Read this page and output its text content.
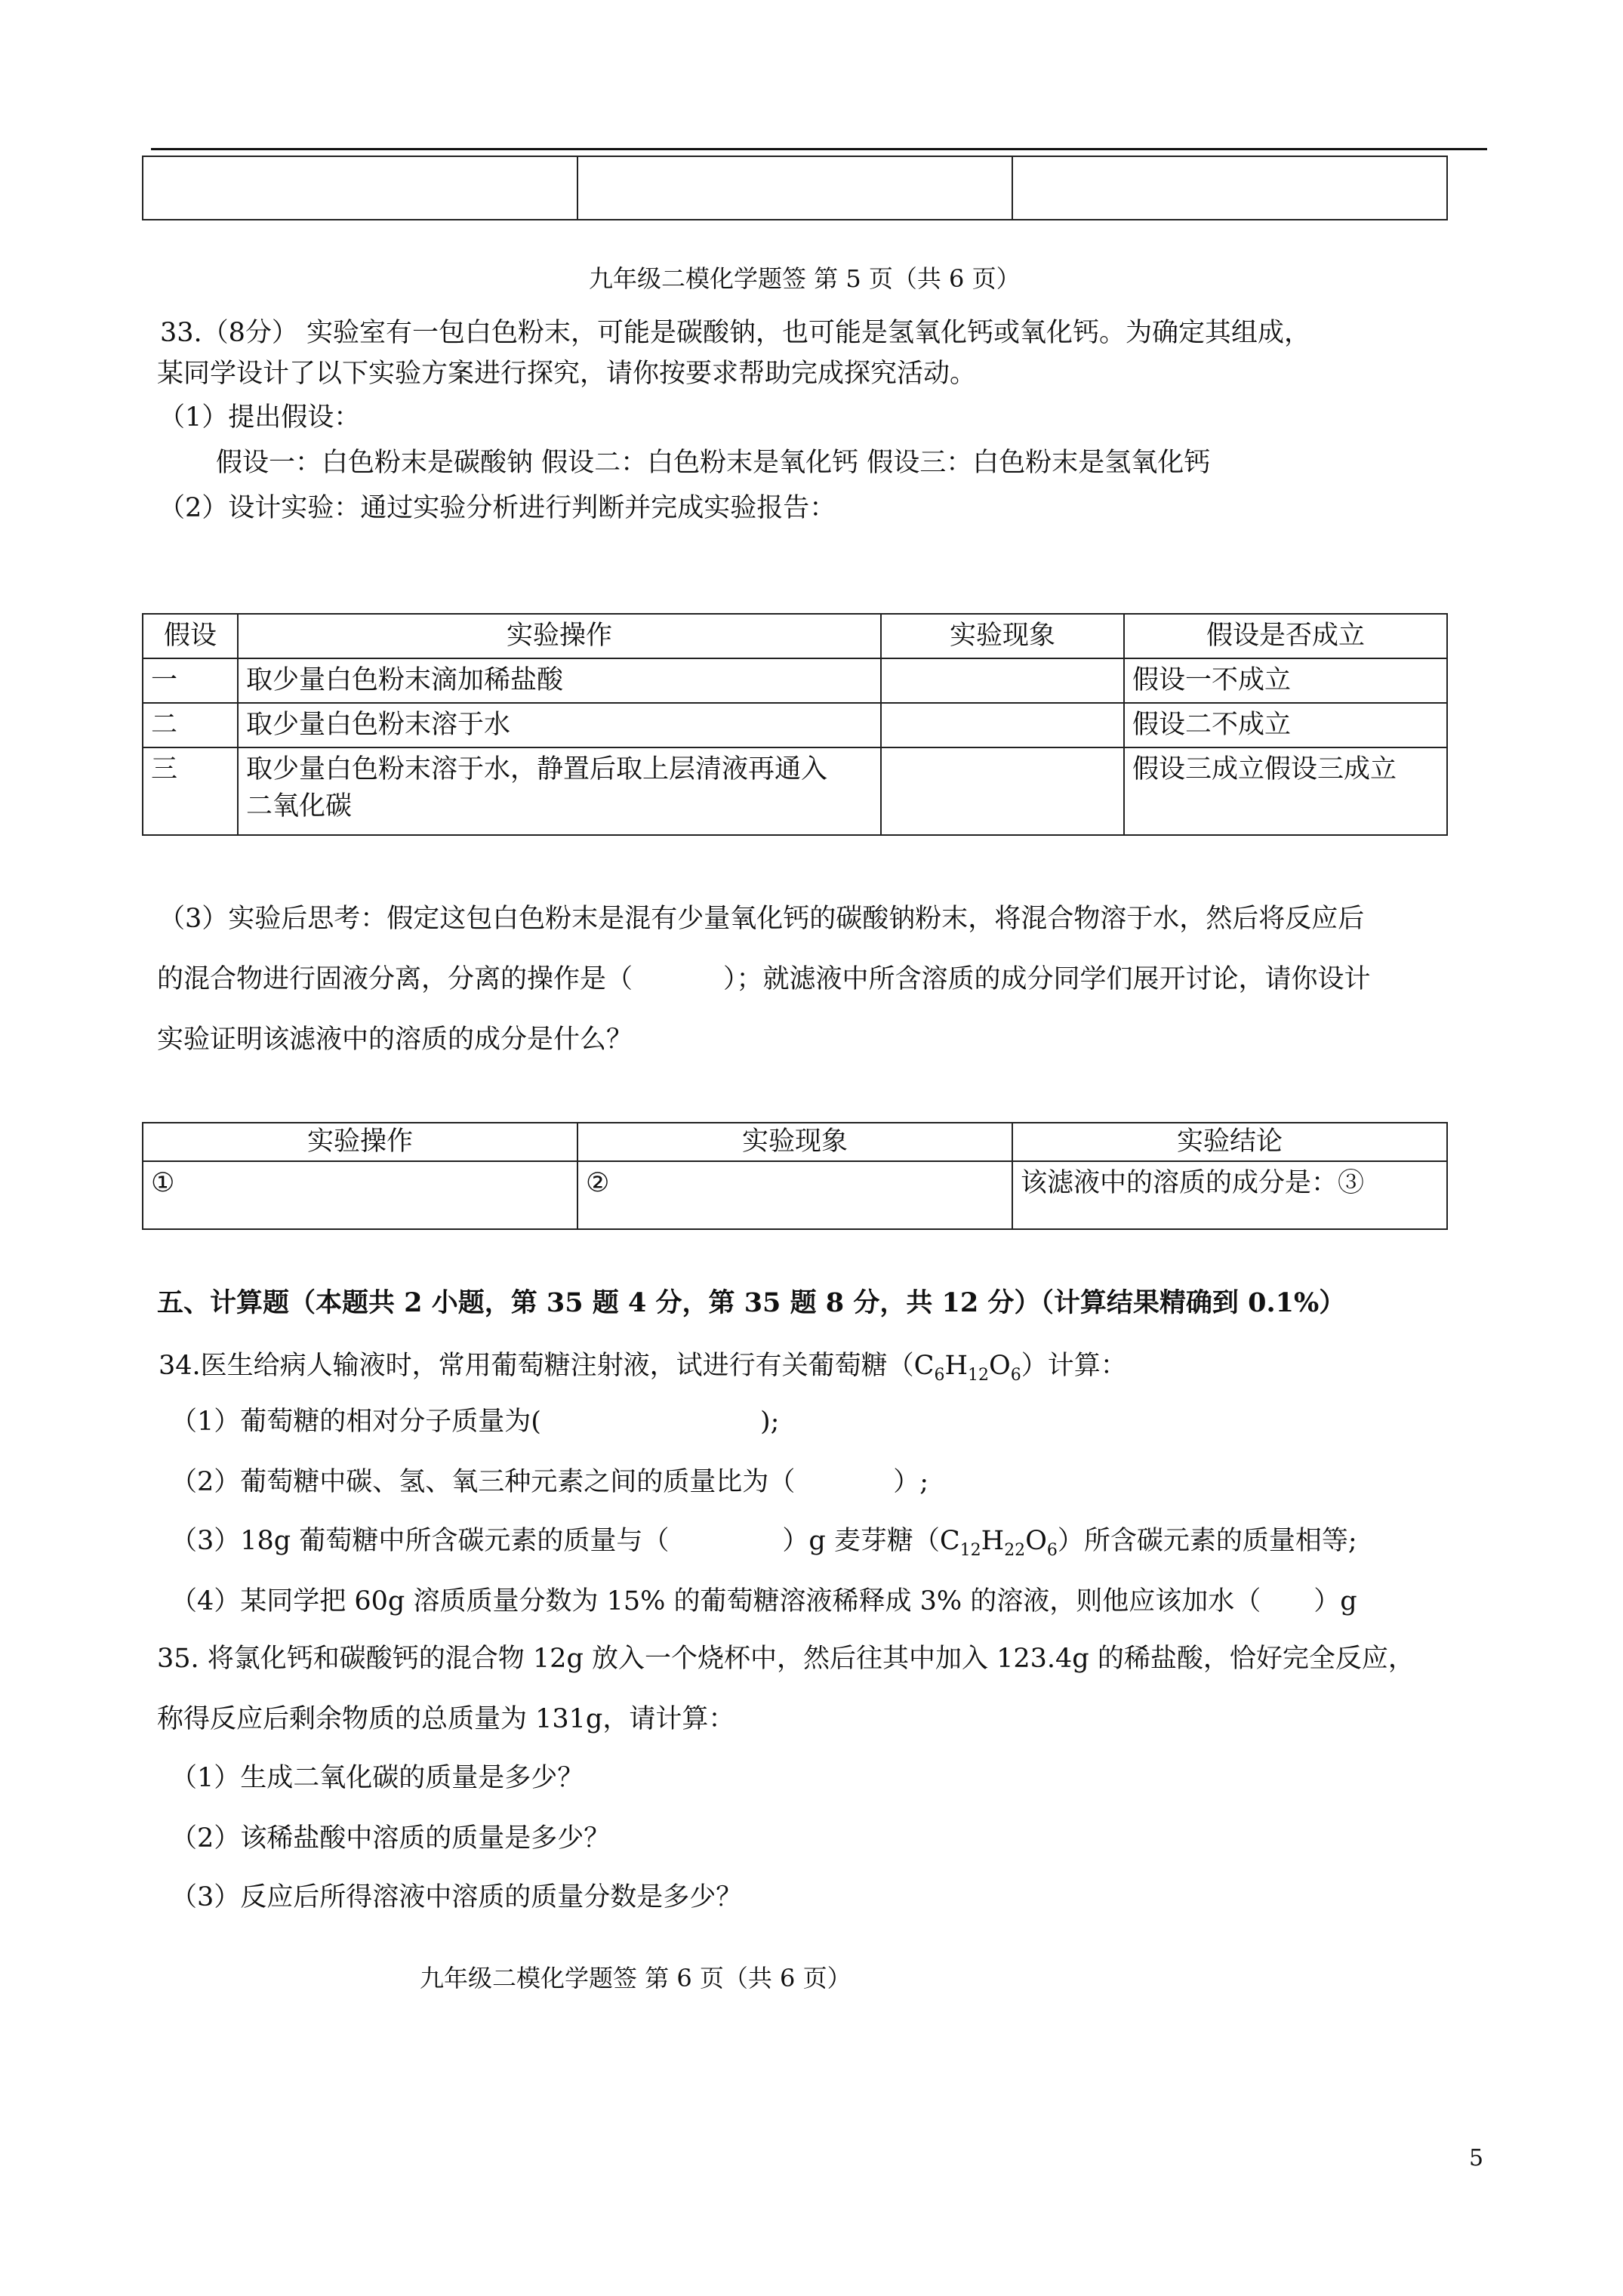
九年级二模化学题签 第 5 页（共 6 页）
33.（8分） 实验室有一包白色粉末，可能是碳酸钠，也可能是氢氧化钙或氧化钙。为确定其组成，
某同学设计了以下实验方案进行探究，请你按要求帮助完成探究活动。
（1）提出假设：
假设一：白色粉末是碳酸钠 假设二：白色粉末是氧化钙 假设三：白色粉末是氢氧化钙
（2）设计实验：通过实验分析进行判断并完成实验报告：
假设	实验操作	实验现象	假设是否成立
一	取少量白色粉末滴加稀盐酸		假设一不成立
二	取少量白色粉末溶于水		假设二不成立
三	取少量白色粉末溶于水，静置后取上层清液再通入二氧化碳		假设三成立假设三成立
（3）实验后思考：假定这包白色粉末是混有少量氧化钙的碳酸钠粉末，将混合物溶于水，然后将反应后
的混合物进行固液分离，分离的操作是（	）；就滤液中所含溶质的成分同学们展开讨论，请你设计
实验证明该滤液中的溶质的成分是什么？
实验操作	实验现象	实验结论
①	②	该滤液中的溶质的成分是：③
五、计算题（本题共 2 小题，第 35 题 4 分，第 35 题 8 分，共 12 分）（计算结果精确到 0.1%）
34.医生给病人输液时，常用葡萄糖注射液，试进行有关葡萄糖$(C_6H_{12}O_6)$计算：
（1）葡萄糖的相对分子质量为(	);
（2）葡萄糖中碳、氢、氧三种元素之间的质量比为（	）;
（3）18g 葡萄糖中所含碳元素的质量与（	）g 麦芽糖$(C_{12}H_{22}O_6)$所含碳元素的质量相等;
（4）某同学把 60g 溶质质量分数为 15% 的葡萄糖溶液稀释成 3% 的溶液，则他应该加水（ ）g
35. 将氯化钙和碳酸钙的混合物 12g 放入一个烧杯中，然后往其中加入 123.4g 的稀盐酸，恰好完全反应，
称得反应后剩余物质的总质量为 131g，请计算：
（1）生成二氧化碳的质量是多少？
（2）该稀盐酸中溶质的质量是多少？
（3）反应后所得溶液中溶质的质量分数是多少？
九年级二模化学题签 第 6 页（共 6 页）
5
